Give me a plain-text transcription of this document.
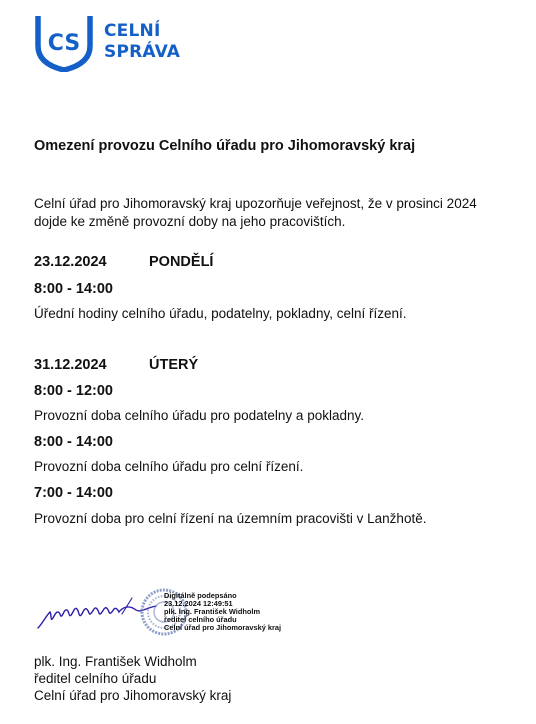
CS CELNÍ
SPRÁVA
Omezení provozu Celního úřadu pro Jihomoravský kraj

Celní úřad pro Jihomoravský kraj upozorňuje veřejnost, že v prosinci 2024
dojde ke změně provozní doby na jeho pracovištích.

23.12.2024	PONDĚLÍ
8:00 - 14:00
Úřední hodiny celního úřadu, podatelny, pokladny, celní řízení.
31.12.2024	ÚTERÝ
8:00 - 12:00
Provozní doba celního úřadu pro podatelny a pokladny.
8:00 - 14:00
Provozní doba celního úřadu pro celní řízení.
7:00 - 14:00
Provozní doba pro celní řízení na územním pracovišti v Lanžhotě.
Digitálně podepsáno
23.12.2024 12:49:51
plk. Ing. František Widholm
ředitel celního úřadu
Celní úřad pro Jihomoravský kraj
plk. Ing. František Widholm
ředitel celního úřadu
Celní úřad pro Jihomoravský kraj
